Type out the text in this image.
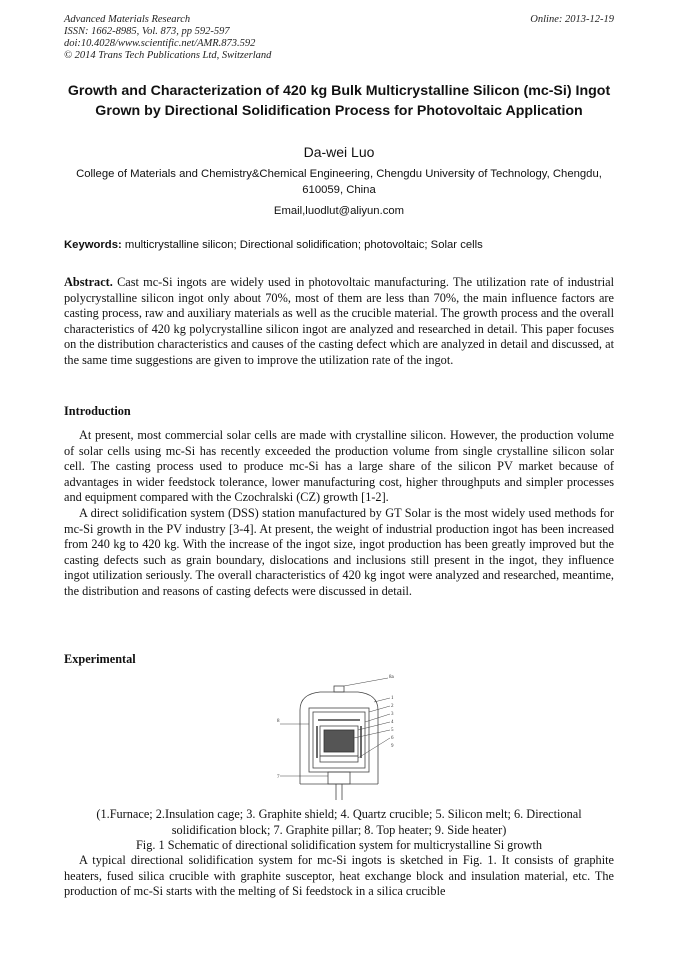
Advanced Materials Research
ISSN: 1662-8985, Vol. 873, pp 592-597
doi:10.4028/www.scientific.net/AMR.873.592
© 2014 Trans Tech Publications Ltd, Switzerland
Online: 2013-12-19
Growth and Characterization of 420 kg Bulk Multicrystalline Silicon (mc-Si) Ingot Grown by Directional Solidification Process for Photovoltaic Application
Da-wei Luo
College of Materials and Chemistry&Chemical Engineering, Chengdu University of Technology, Chengdu, 610059, China
Email,luodlut@aliyun.com
Keywords: multicrystalline silicon; Directional solidification; photovoltaic; Solar cells
Abstract. Cast mc-Si ingots are widely used in photovoltaic manufacturing. The utilization rate of industrial polycrystalline silicon ingot only about 70%, most of them are less than 70%, the main influence factors are casting process, raw and auxiliary materials as well as the crucible material. The growth process and the overall characteristics of 420 kg polycrystalline silicon ingot are analyzed and researched in detail. This paper focuses on the distribution characteristics and causes of the casting defect which are analyzed in detail and discussed, at the same time suggestions are given to improve the utilization rate of the ingot.
Introduction

At present, most commercial solar cells are made with crystalline silicon. However, the production volume of solar cells using mc-Si has recently exceeded the production volume from single crystalline silicon solar cell. The casting process used to produce mc-Si has a large share of the silicon PV market because of advantages in wider feedstock tolerance, lower manufacturing cost, higher throughputs and simpler processes and equipment compared with the Czochralski (CZ) growth [1-2].

A direct solidification system (DSS) station manufactured by GT Solar is the most widely used methods for mc-Si growth in the PV industry [3-4]. At present, the weight of industrial production ingot has been increased from 240 kg to 420 kg. With the increase of the ingot size, ingot production has been greatly improved but the casting defects such as grain boundary, dislocations and inclusions still present in the ingot, they influence ingot utilization seriously. The overall characteristics of 420 kg ingot were analyzed and researched, meantime, the distribution and reasons of casting defects were discussed in detail.

Experimental
8a
1
2
3
4
5
6
7
8
9
(1.Furnace; 2.Insulation cage; 3. Graphite shield; 4. Quartz crucible; 5. Silicon melt; 6. Directional solidification block; 7. Graphite pillar; 8. Top heater; 9. Side heater)
Fig. 1 Schematic of directional solidification system for multicrystalline Si growth

A typical directional solidification system for mc-Si ingots is sketched in Fig. 1. It consists of graphite heaters, fused silica crucible with graphite susceptor, heat exchange block and insulation material, etc. The production of mc-Si starts with the melting of Si feedstock in a silica crucible
